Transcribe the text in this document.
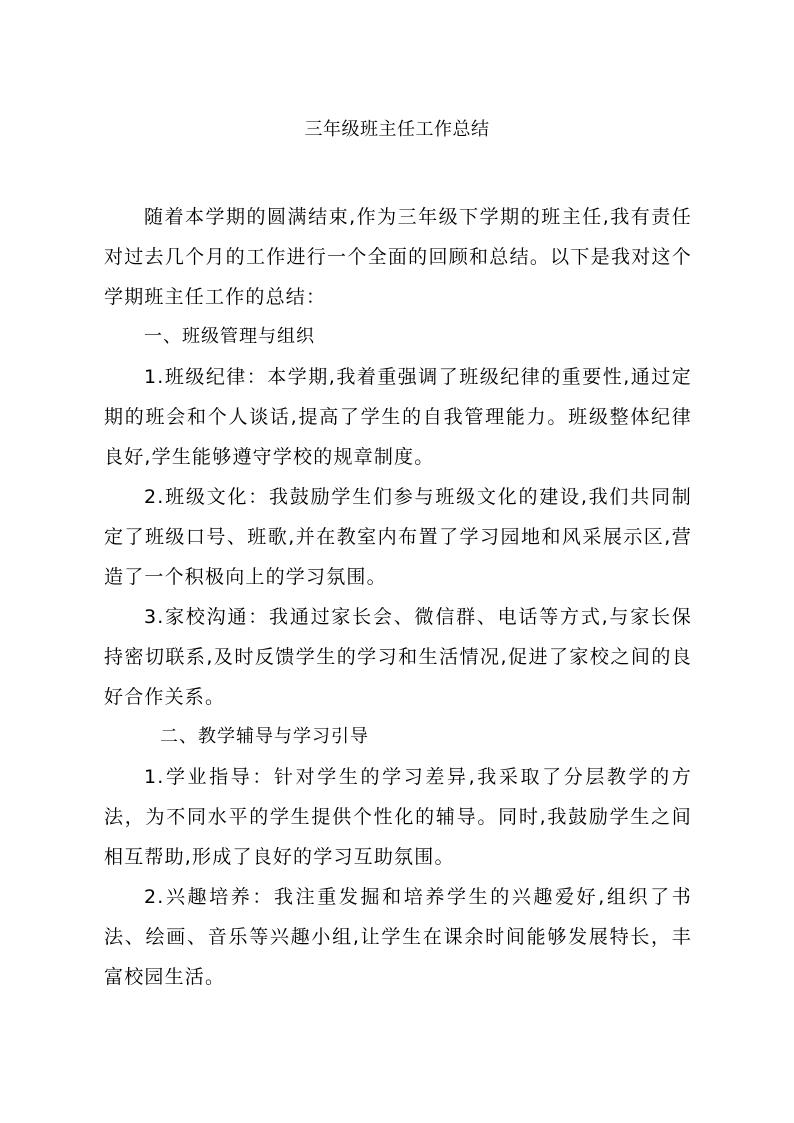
三年级班主任工作总结

随着本学期的圆满结束,作为三年级下学期的班主任,我有责任对过去几个月的工作进行一个全面的回顾和总结。以下是我对这个学期班主任工作的总结：

一、班级管理与组织

1.班级纪律：本学期,我着重强调了班级纪律的重要性,通过定期的班会和个人谈话,提高了学生的自我管理能力。班级整体纪律良好,学生能够遵守学校的规章制度。

2.班级文化：我鼓励学生们参与班级文化的建设,我们共同制定了班级口号、班歌,并在教室内布置了学习园地和风采展示区,营造了一个积极向上的学习氛围。

3.家校沟通：我通过家长会、微信群、电话等方式,与家长保持密切联系,及时反馈学生的学习和生活情况,促进了家校之间的良好合作关系。

二、教学辅导与学习引导

1.学业指导：针对学生的学习差异,我采取了分层教学的方法，为不同水平的学生提供个性化的辅导。同时,我鼓励学生之间相互帮助,形成了良好的学习互助氛围。

2.兴趣培养：我注重发掘和培养学生的兴趣爱好,组织了书法、绘画、音乐等兴趣小组,让学生在课余时间能够发展特长，丰富校园生活。
